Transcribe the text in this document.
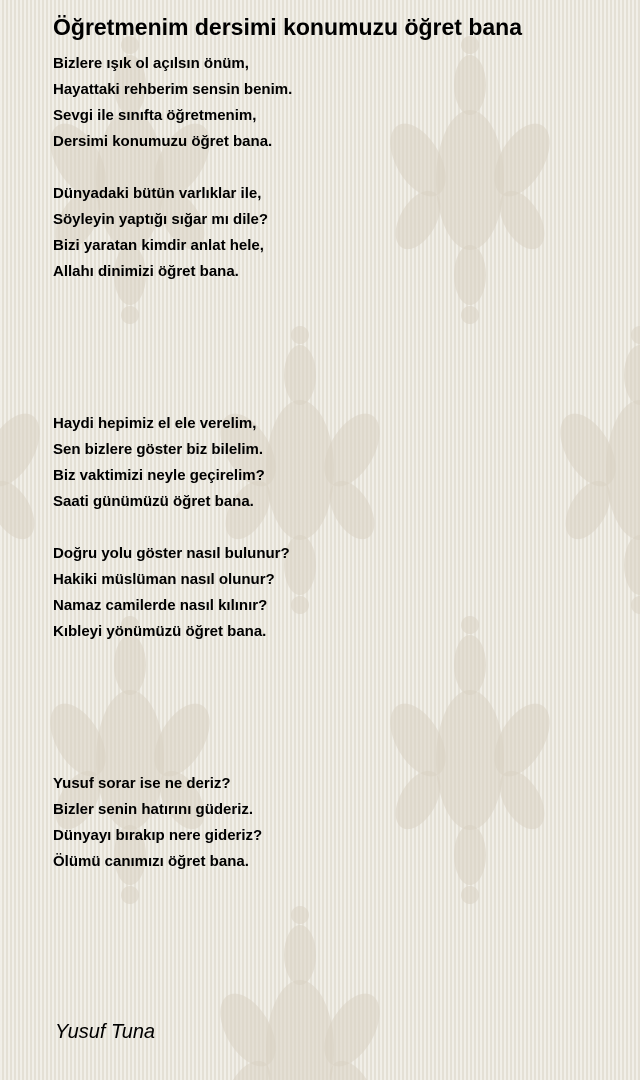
Öğretmenim dersimi konumuzu öğret bana
Bizlere ışık ol açılsın önüm,
Hayattaki rehberim sensin benim.
Sevgi ile sınıfta öğretmenim,
Dersimi konumuzu öğret bana.
Dünyadaki bütün varlıklar ile,
Söyleyin yaptığı sığar mı dile?
Bizi yaratan kimdir anlat hele,
Allahı dinimizi öğret bana.
Haydi hepimiz el ele verelim,
Sen bizlere göster biz bilelim.
Biz vaktimizi neyle geçirelim?
Saati günümüzü öğret bana.
Doğru yolu göster nasıl bulunur?
Hakiki müslüman nasıl olunur?
Namaz camilerde nasıl kılınır?
Kıbleyi yönümüzü öğret bana.
Yusuf sorar ise ne deriz?
Bizler senin hatırını güderiz.
Dünyayı bırakıp nere gideriz?
Ölümü canımızı öğret bana.

Yusuf Tuna
